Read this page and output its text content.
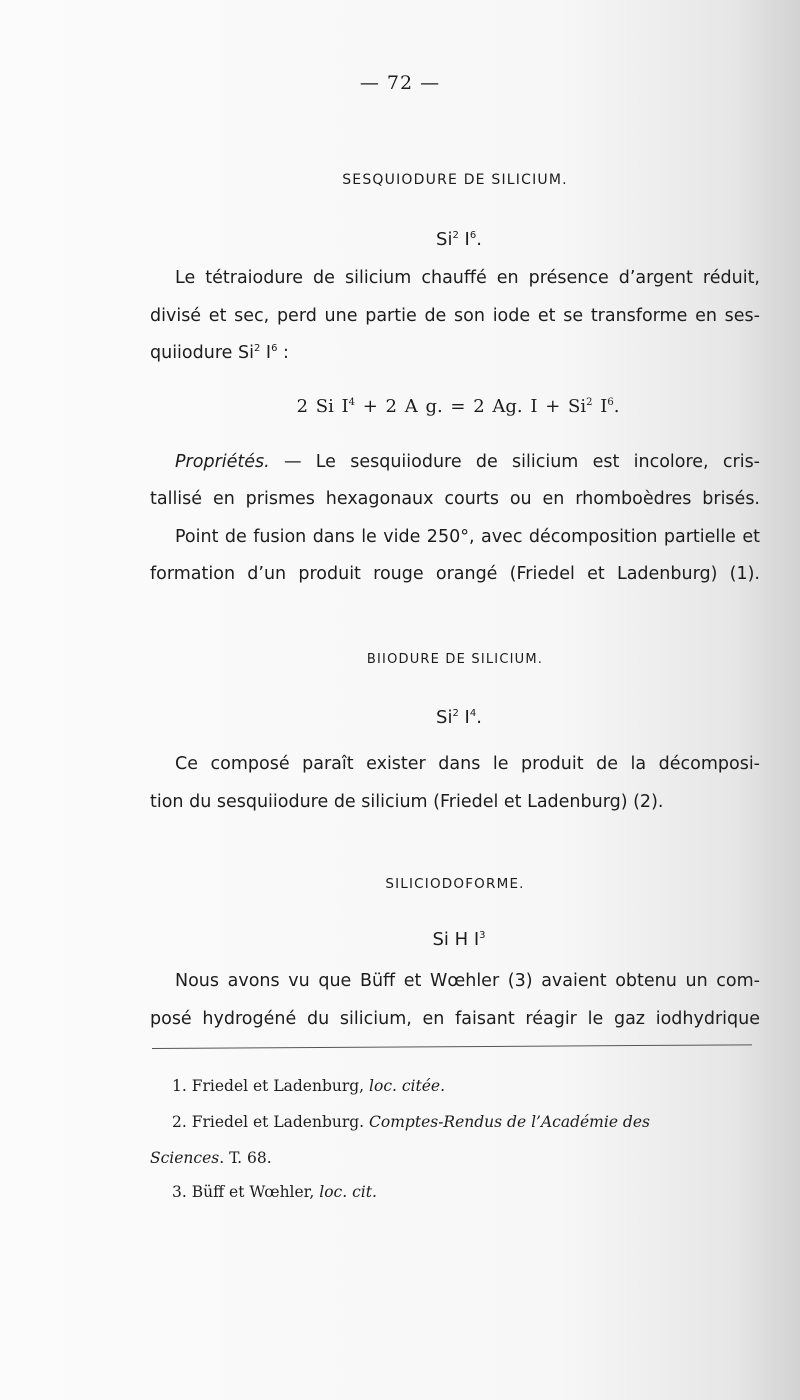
— 72 —
SESQUIODURE DE SILICIUM.
Si$^2$ $I^6$.
Le tétraiodure de silicium chauffé en présence d’argent réduit,
divisé et sec, perd une partie de son iode et se transforme en ses-
quiiodure Si$^2$ $I^6$ :
2 Si $I^4 + 2$ A g. = 2 Ag. $I + Si^2$ $I^6$.
Propriétés. — Le sesquiiodure de silicium est incolore, cris-
tallisé en prismes hexagonaux courts ou en rhomboèdres brisés.
Point de fusion dans le vide 250°, avec décomposition partielle et
formation d’un produit rouge orangé (Friedel et Ladenburg) (1).
BIIODURE DE SILICIUM.
Si$^2$ $I^4$.
Ce composé paraît exister dans le produit de la décomposi-
tion du sesquiiodure de silicium (Friedel et Ladenburg) (2).
SILICIODOFORME.
Si H $I^3$
Nous avons vu que Büff et Wœhler (3) avaient obtenu un com-
posé hydrogéné du silicium, en faisant réagir le gaz iodhydrique
1. Friedel et Ladenburg, loc. citée.
2. Friedel et Ladenburg. Comptes-Rendus de l’Académie des
Sciences. T. 68.
3. Büff et Wœhler, loc. cit.
